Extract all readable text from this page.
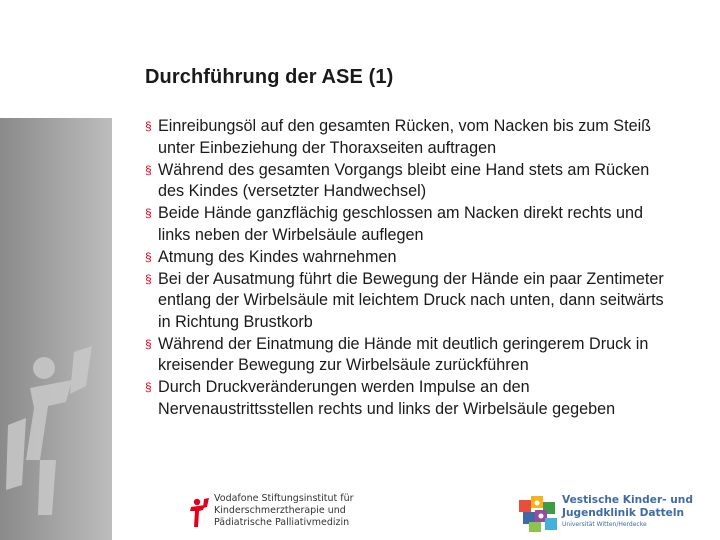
Durchführung der ASE (1)
§ Einreibungsöl auf den gesamten Rücken, vom Nacken bis zum Steiß unter Einbeziehung der Thoraxseiten auftragen
§ Während des gesamten Vorgangs bleibt eine Hand stets am Rücken des Kindes (versetzter Handwechsel)
§ Beide Hände ganzflächig geschlossen am Nacken direkt rechts und links neben der Wirbelsäule auflegen
§ Atmung des Kindes wahrnehmen
§ Bei der Ausatmung führt die Bewegung der Hände ein paar Zentimeter entlang der Wirbelsäule mit leichtem Druck nach unten, dann seitwärts in Richtung Brustkorb
§ Während der Einatmung die Hände mit deutlich geringerem Druck in kreisender Bewegung zur Wirbelsäule zurückführen
§ Durch Druckveränderungen werden Impulse an den Nervenaustrittsstellen rechts und links der Wirbelsäule gegeben
Vodafone Stiftungsinstitut für
Kinderschmerztherapie und
Pädiatrische Palliativmedizin
Vestische Kinder- und
Jugendklinik Datteln
Universität Witten/Herdecke
